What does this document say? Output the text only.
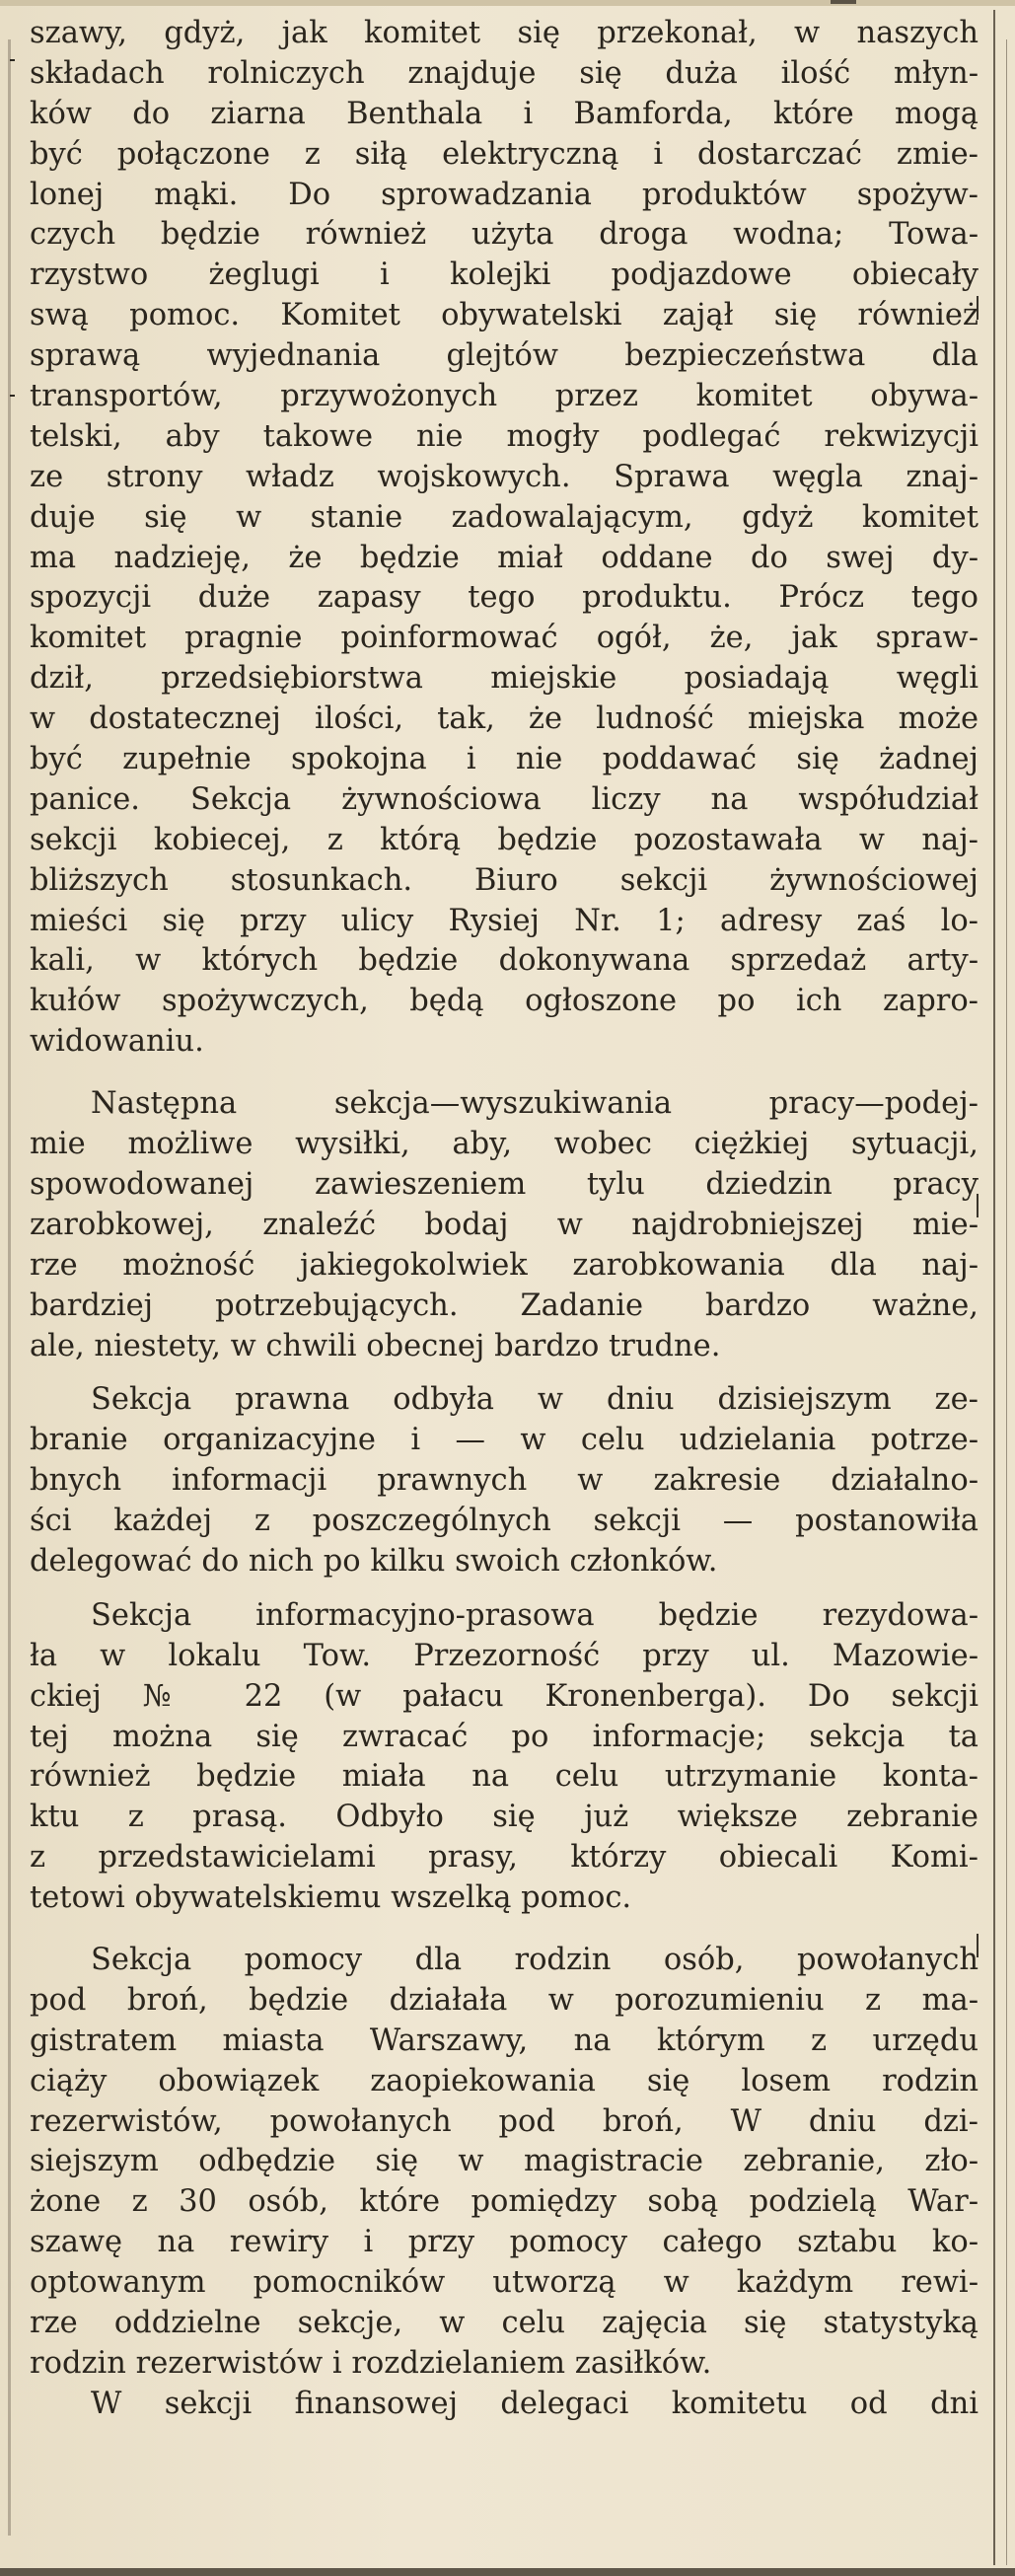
szawy, gdyż, jak komitet się przekonał, w naszych
składach rolniczych znajduje się duża ilość młyn-
ków do ziarna Benthala i Bamforda, które mogą
być połączone z siłą elektryczną i dostarczać zmie-
lonej mąki. Do sprowadzania produktów spożyw-
czych będzie również użyta droga wodna; Towa-
rzystwo żeglugi i kolejki podjazdowe obiecały
swą pomoc. Komitet obywatelski zajął się również
sprawą wyjednania glejtów bezpieczeństwa dla
transportów, przywożonych przez komitet obywa-
telski, aby takowe nie mogły podlegać rekwizycji
ze strony władz wojskowych. Sprawa węgla znaj-
duje się w stanie zadowalającym, gdyż komitet
ma nadzieję, że będzie miał oddane do swej dy-
spozycji duże zapasy tego produktu. Prócz tego
komitet pragnie poinformować ogół, że, jak spraw-
dził, przedsiębiorstwa miejskie posiadają węgli
w dostatecznej ilości, tak, że ludność miejska może
być zupełnie spokojna i nie poddawać się żadnej
panice. Sekcja żywnościowa liczy na współudział
sekcji kobiecej, z którą będzie pozostawała w naj-
bliższych stosunkach. Biuro sekcji żywnościowej
mieści się przy ulicy Rysiej Nr. 1; adresy zaś lo-
kali, w których będzie dokonywana sprzedaż arty-
kułów spożywczych, będą ogłoszone po ich zapro-
widowaniu.
Następna sekcja—wyszukiwania pracy—podej-
mie możliwe wysiłki, aby, wobec ciężkiej sytuacji,
spowodowanej zawieszeniem tylu dziedzin pracy
zarobkowej, znaleźć bodaj w najdrobniejszej mie-
rze możność jakiegokolwiek zarobkowania dla naj-
bardziej potrzebujących. Zadanie bardzo ważne,
ale, niestety, w chwili obecnej bardzo trudne.
Sekcja prawna odbyła w dniu dzisiejszym ze-
branie organizacyjne i — w celu udzielania potrze-
bnych informacji prawnych w zakresie działalno-
ści każdej z poszczególnych sekcji — postanowiła
delegować do nich po kilku swoich członków.
Sekcja informacyjno-prasowa będzie rezydowa-
ła w lokalu Tow. Przezorność przy ul. Mazowie-
ckiej № 22 (w pałacu Kronenberga). Do sekcji
tej można się zwracać po informacje; sekcja ta
również będzie miała na celu utrzymanie kontа-
ktu z prasą. Odbyło się już większe zebranie
z przedstawicielami prasy, którzy obiecali Komi-
tetowi obywatelskiemu wszelką pomoc.
Sekcja pomocy dla rodzin osób, powołanych
pod broń, będzie działała w porozumieniu z ma-
gistratem miasta Warszawy, na którym z urzędu
ciąży obowiązek zaopiekowania się losem rodzin
rezerwistów, powołanych pod broń, W dniu dzi-
siejszym odbędzie się w magistracie zebranie, zło-
żone z 30 osób, które pomiędzy sobą podzielą War-
szawę na rewiry i przy pomocy całego sztabu ko-
optowanym pomocników utworzą w każdym rewi-
rze oddzielne sekcje, w celu zajęcia się statystyką
rodzin rezerwistów i rozdzielaniem zasiłków.
W sekcji finansowej delegaci komitetu od dni
